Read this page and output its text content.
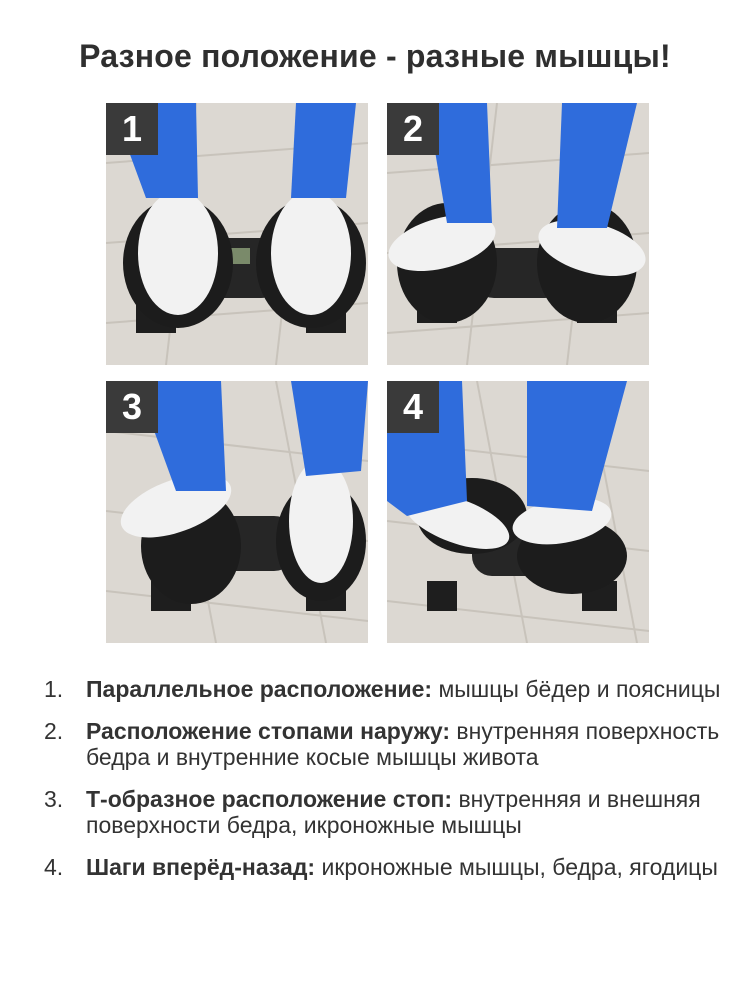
Разное положение - разные мышцы!
1	2
3	4
1. Параллельное расположение: мышцы бёдер и поясницы
2. Расположение стопами наружу: внутренняя поверхность бедра и внутренние косые мышцы живота
3. Т-образное расположение стоп: внутренняя и внешняя поверхности бедра, икроножные мышцы
4. Шаги вперёд-назад: икроножные мышцы, бедра, ягодицы
